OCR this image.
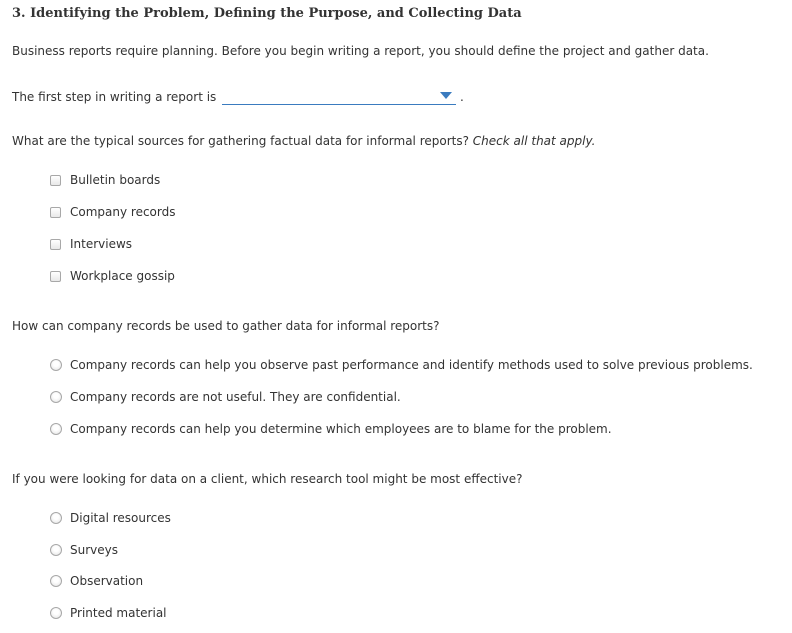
3. Identifying the Problem, Defining the Purpose, and Collecting Data
Business reports require planning. Before you begin writing a report, you should define the project and gather data.
The first step in writing a report is	.
What are the typical sources for gathering factual data for informal reports? Check all that apply.
Bulletin boards
Company records
Interviews
Workplace gossip
How can company records be used to gather data for informal reports?
Company records can help you observe past performance and identify methods used to solve previous problems.
Company records are not useful. They are confidential.
Company records can help you determine which employees are to blame for the problem.
If you were looking for data on a client, which research tool might be most effective?
Digital resources
Surveys
Observation
Printed material
